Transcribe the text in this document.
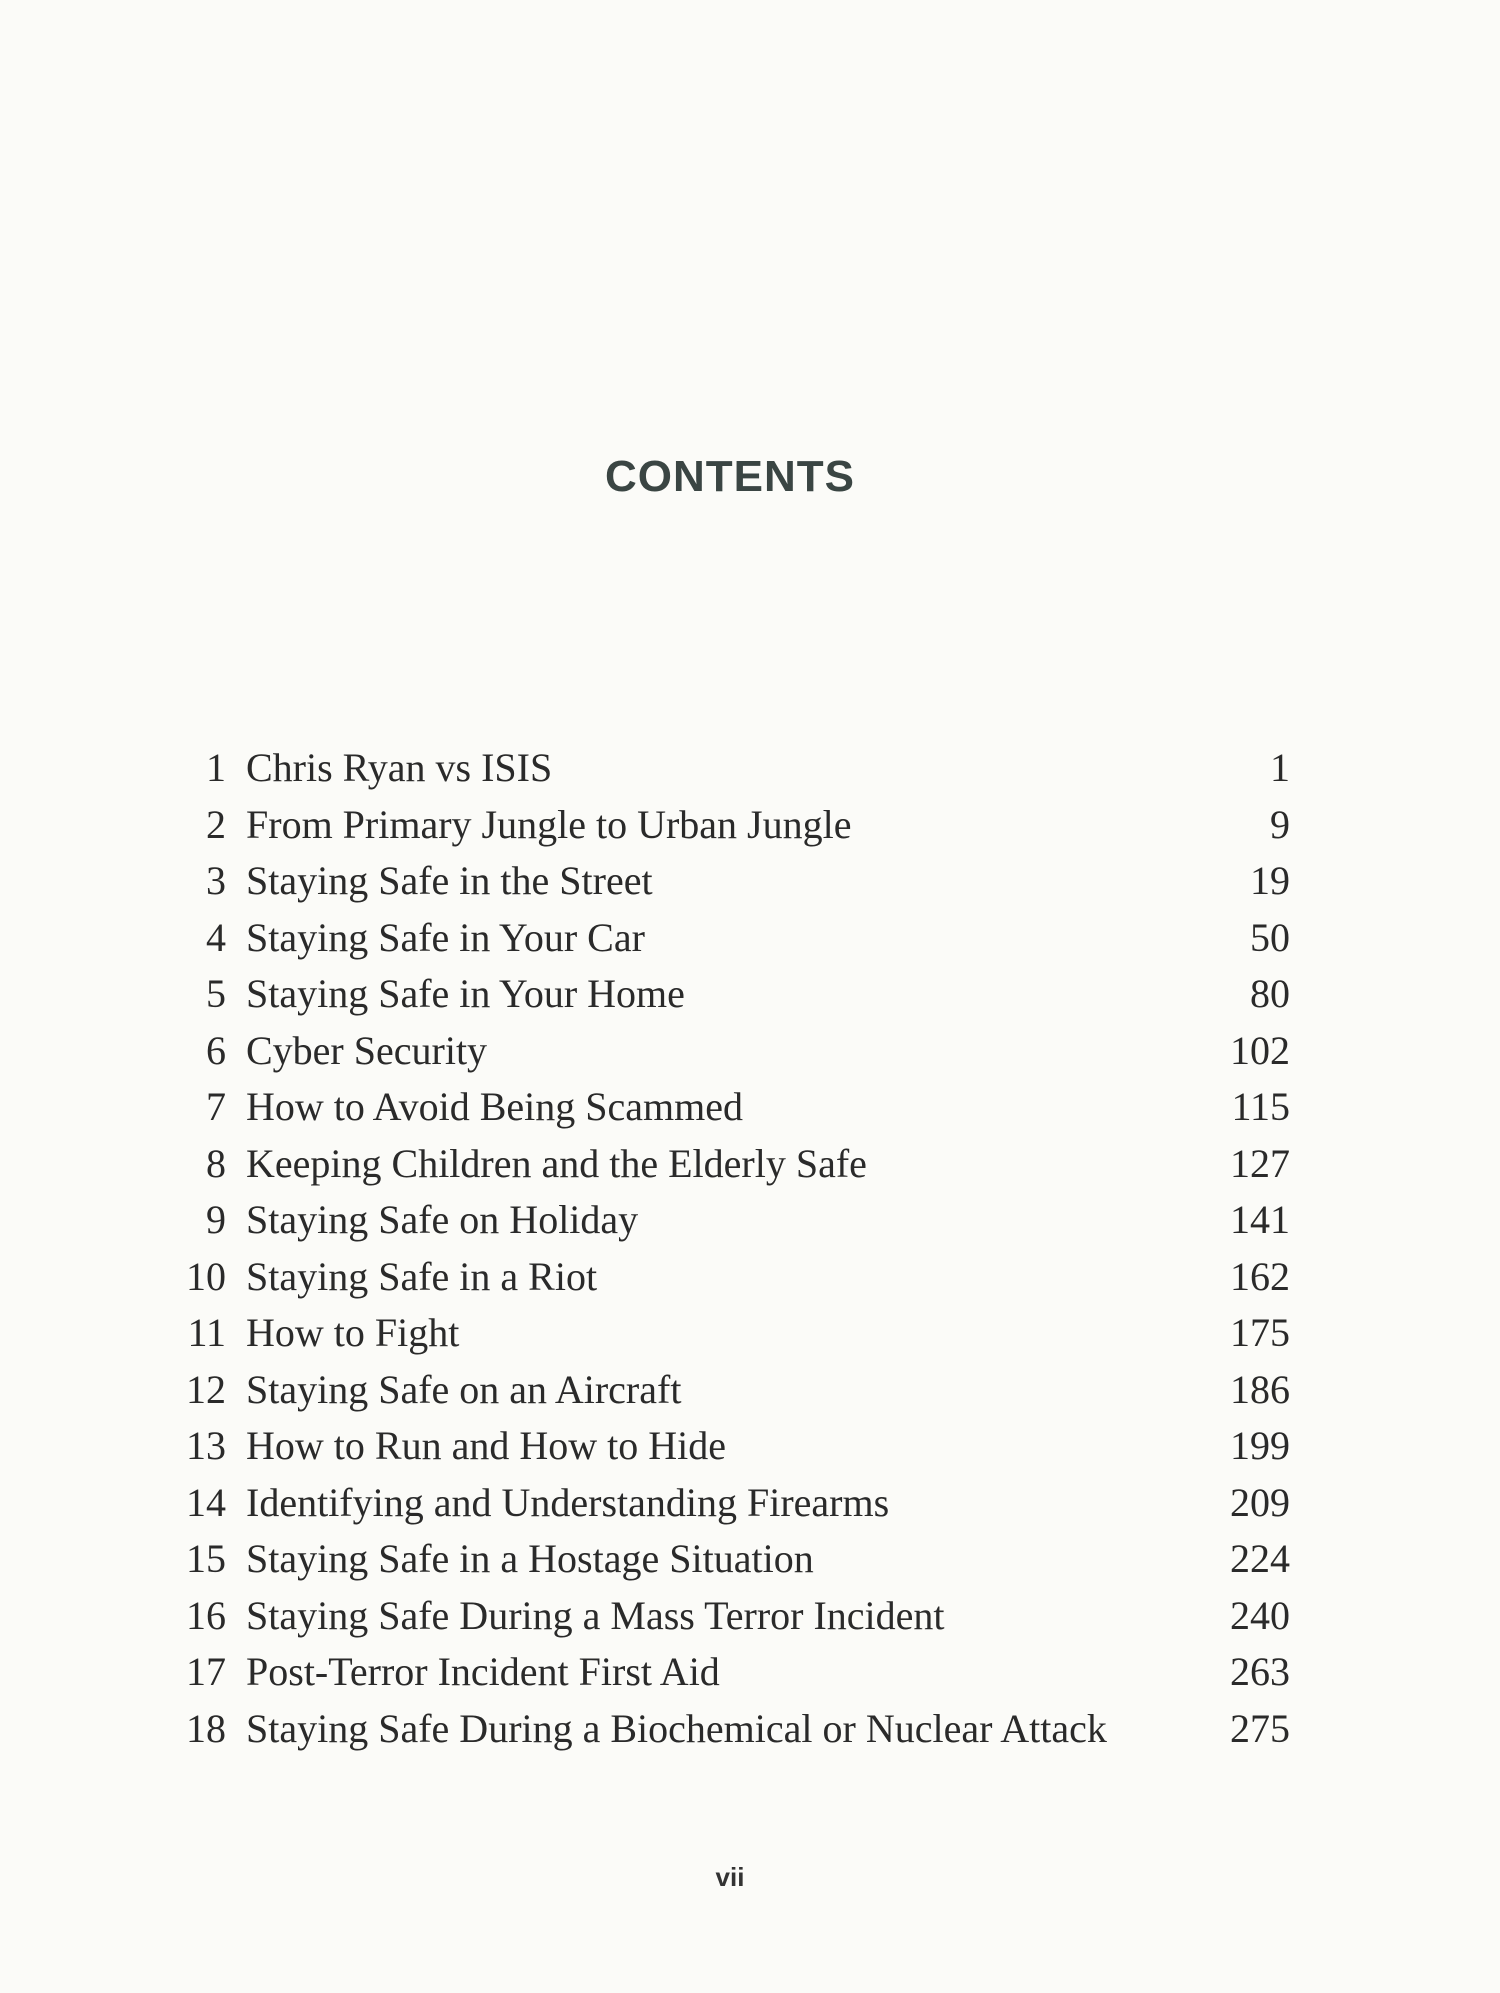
CONTENTS
1 Chris Ryan vs ISIS	1
2 From Primary Jungle to Urban Jungle	9
3 Staying Safe in the Street	19
4 Staying Safe in Your Car	50
5 Staying Safe in Your Home	80
6 Cyber Security	102
7 How to Avoid Being Scammed	115
8 Keeping Children and the Elderly Safe	127
9 Staying Safe on Holiday	141
10 Staying Safe in a Riot	162
11 How to Fight	175
12 Staying Safe on an Aircraft	186
13 How to Run and How to Hide	199
14 Identifying and Understanding Firearms	209
15 Staying Safe in a Hostage Situation	224
16 Staying Safe During a Mass Terror Incident	240
17 Post-Terror Incident First Aid	263
18 Staying Safe During a Biochemical or Nuclear Attack	275
vii
